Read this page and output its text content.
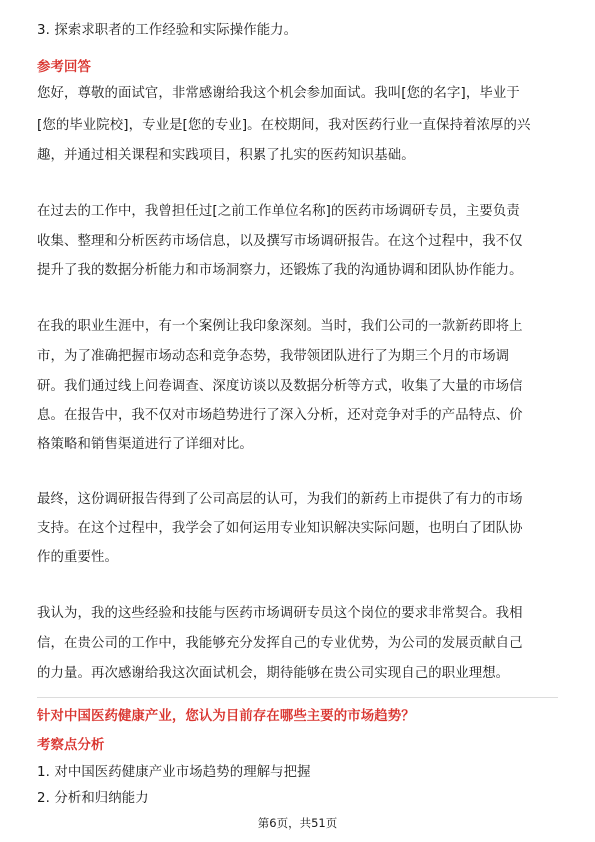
3. 探索求职者的工作经验和实际操作能力。
参考回答
您好，尊敬的面试官，非常感谢给我这个机会参加面试。我叫[您的名字]，毕业于
[您的毕业院校]，专业是[您的专业]。在校期间，我对医药行业一直保持着浓厚的兴
趣，并通过相关课程和实践项目，积累了扎实的医药知识基础。
在过去的工作中，我曾担任过[之前工作单位名称]的医药市场调研专员，主要负责
收集、整理和分析医药市场信息，以及撰写市场调研报告。在这个过程中，我不仅
提升了我的数据分析能力和市场洞察力，还锻炼了我的沟通协调和团队协作能力。
在我的职业生涯中，有一个案例让我印象深刻。当时，我们公司的一款新药即将上
市，为了准确把握市场动态和竞争态势，我带领团队进行了为期三个月的市场调
研。我们通过线上问卷调查、深度访谈以及数据分析等方式，收集了大量的市场信
息。在报告中，我不仅对市场趋势进行了深入分析，还对竞争对手的产品特点、价
格策略和销售渠道进行了详细对比。
最终，这份调研报告得到了公司高层的认可，为我们的新药上市提供了有力的市场
支持。在这个过程中，我学会了如何运用专业知识解决实际问题，也明白了团队协
作的重要性。
我认为，我的这些经验和技能与医药市场调研专员这个岗位的要求非常契合。我相
信，在贵公司的工作中，我能够充分发挥自己的专业优势，为公司的发展贡献自己
的力量。再次感谢给我这次面试机会，期待能够在贵公司实现自己的职业理想。
针对中国医药健康产业，您认为目前存在哪些主要的市场趋势？
考察点分析
1. 对中国医药健康产业市场趋势的理解与把握
2. 分析和归纳能力
第6页，共51页
